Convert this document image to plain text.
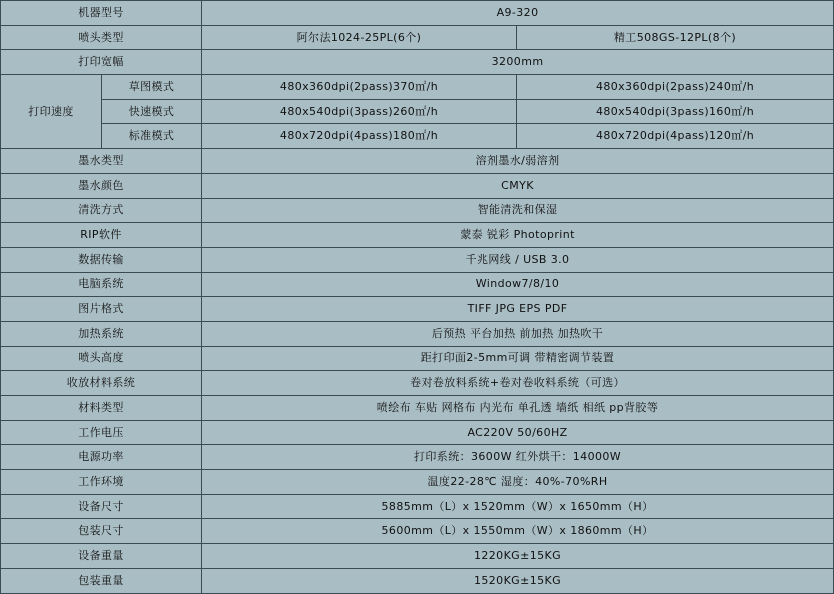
机器型号		A9-320	
喷头类型		阿尔法1024-25PL(6个)	精工508GS-12PL(8个)
打印宽幅		3200mm	
打印速度	草图模式	480x360dpi(2pass)370㎡/h	480x360dpi(2pass)240㎡/h
	快速模式	480x540dpi(3pass)260㎡/h	480x540dpi(3pass)160㎡/h
	标准模式	480x720dpi(4pass)180㎡/h	480x720dpi(4pass)120㎡/h
墨水类型		溶剂墨水/弱溶剂	
墨水颜色		CMYK	
清洗方式		智能清洗和保湿	
RIP软件		蒙泰 锐彩 Photoprint	
数据传输		千兆网线 / USB 3.0	
电脑系统		Window7/8/10	
图片格式		TIFF JPG EPS PDF	
加热系统		后预热 平台加热 前加热 加热吹干	
喷头高度		距打印面2-5mm可调 带精密调节装置	
收放材料系统		卷对卷放料系统+卷对卷收料系统（可选）	
材料类型		喷绘布 车贴 网格布 内光布 单孔透 墙纸 相纸 pp背胶等	
工作电压		AC220V 50/60HZ	
电源功率		打印系统：3600W 红外烘干：14000W	
工作环境		温度22-28℃ 湿度：40%-70%RH	
设备尺寸		5885mm（L）x 1520mm（W）x 1650mm（H）	
包装尺寸		5600mm（L）x 1550mm（W）x 1860mm（H）	
设备重量		1220KG±15KG	
包装重量		1520KG±15KG	
